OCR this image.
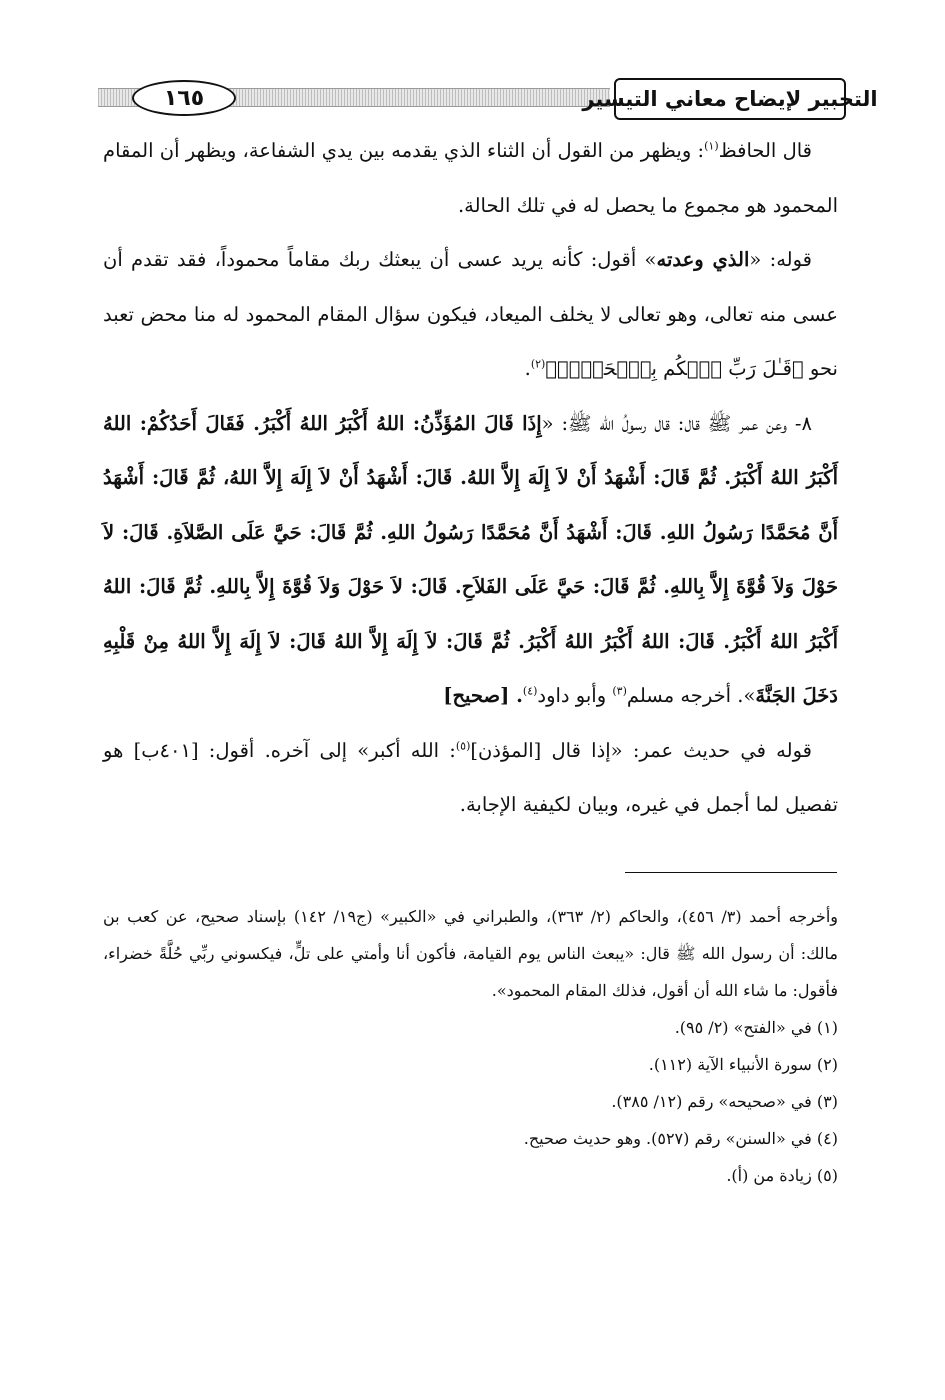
التحبير لإيضاح معاني التيسير
١٦٥

قال الحافظ$^{(١)}$: ويظهر من القول أن الثناء الذي يقدمه بين يدي الشفاعة، ويظهر أن المقام المحمود هو مجموع ما يحصل له في تلك الحالة.

قوله: «الذي وعدته» أقول: كأنه يريد عسى أن يبعثك ربك مقاماً محموداً، فقد تقدم أن عسى منه تعالى، وهو تعالى لا يخلف الميعاد، فيكون سؤال المقام المحمود له منا محض تعبد نحو ﴿قَـٰلَ رَبِّ ٱحۡكُم بِٱلۡحَقِّۗ﴾$^{(٢)}$.

٨- وعن عمر ﷺ قال: قال رسولُ الله ﷺ: «إِذَا قَالَ المُؤَذِّنُ: اللهُ أَكْبَرُ اللهُ أَكْبَرُ. فَقَالَ أَحَدُكُمْ: اللهُ أَكْبَرُ اللهُ أَكْبَرُ. ثُمَّ قَالَ: أَشْهَدُ أَنْ لاَ إِلَهَ إِلاَّ اللهُ. قَالَ: أَشْهَدُ أَنْ لاَ إِلَهَ إِلاَّ اللهُ، ثُمَّ قَالَ: أَشْهَدُ أَنَّ مُحَمَّدًا رَسُولُ اللهِ. قَالَ: أَشْهَدُ أَنَّ مُحَمَّدًا رَسُولُ اللهِ. ثُمَّ قَالَ: حَيَّ عَلَى الصَّلاَةِ. قَالَ: لاَ حَوْلَ وَلاَ قُوَّةَ إِلاَّ بِاللهِ. ثُمَّ قَالَ: حَيَّ عَلَى الفَلاَحِ. قَالَ: لاَ حَوْلَ وَلاَ قُوَّةَ إِلاَّ بِاللهِ. ثُمَّ قَالَ: اللهُ أَكْبَرُ اللهُ أَكْبَرُ. قَالَ: اللهُ أَكْبَرُ اللهُ أَكْبَرُ. ثُمَّ قَالَ: لاَ إِلَهَ إِلاَّ اللهُ قَالَ: لاَ إِلَهَ إِلاَّ اللهُ مِنْ قَلْبِهِ دَخَلَ الجَنَّةَ». أخرجه مسلم$^{(٣)}$ وأبو داود$^{(٤)}$. [صحيح]

قوله في حديث عمر: «إذا قال [المؤذن]$^{(٥)}$: الله أكبر» إلى آخره. أقول: [٤٠١ب] هو تفصيل لما أجمل في غيره، وبيان لكيفية الإجابة.

وأخرجه أحمد (٣/ ٤٥٦)، والحاكم (٢/ ٣٦٣)، والطبراني في «الكبير» (ج١٩/ ١٤٢) بإسناد صحيح، عن كعب بن مالك: أن رسول الله ﷺ قال: «يبعث الناس يوم القيامة، فأكون أنا وأمتي على تلٍّ، فيكسوني ربِّي حُلَّةً خضراء، فأقول: ما شاء الله أن أقول، فذلك المقام المحمود».

(١) في «الفتح» (٢/ ٩٥).
(٢) سورة الأنبياء الآية (١١٢).
(٣) في «صحيحه» رقم (١٢/ ٣٨٥).
(٤) في «السنن» رقم (٥٢٧). وهو حديث صحيح.
(٥) زيادة من (أ).
